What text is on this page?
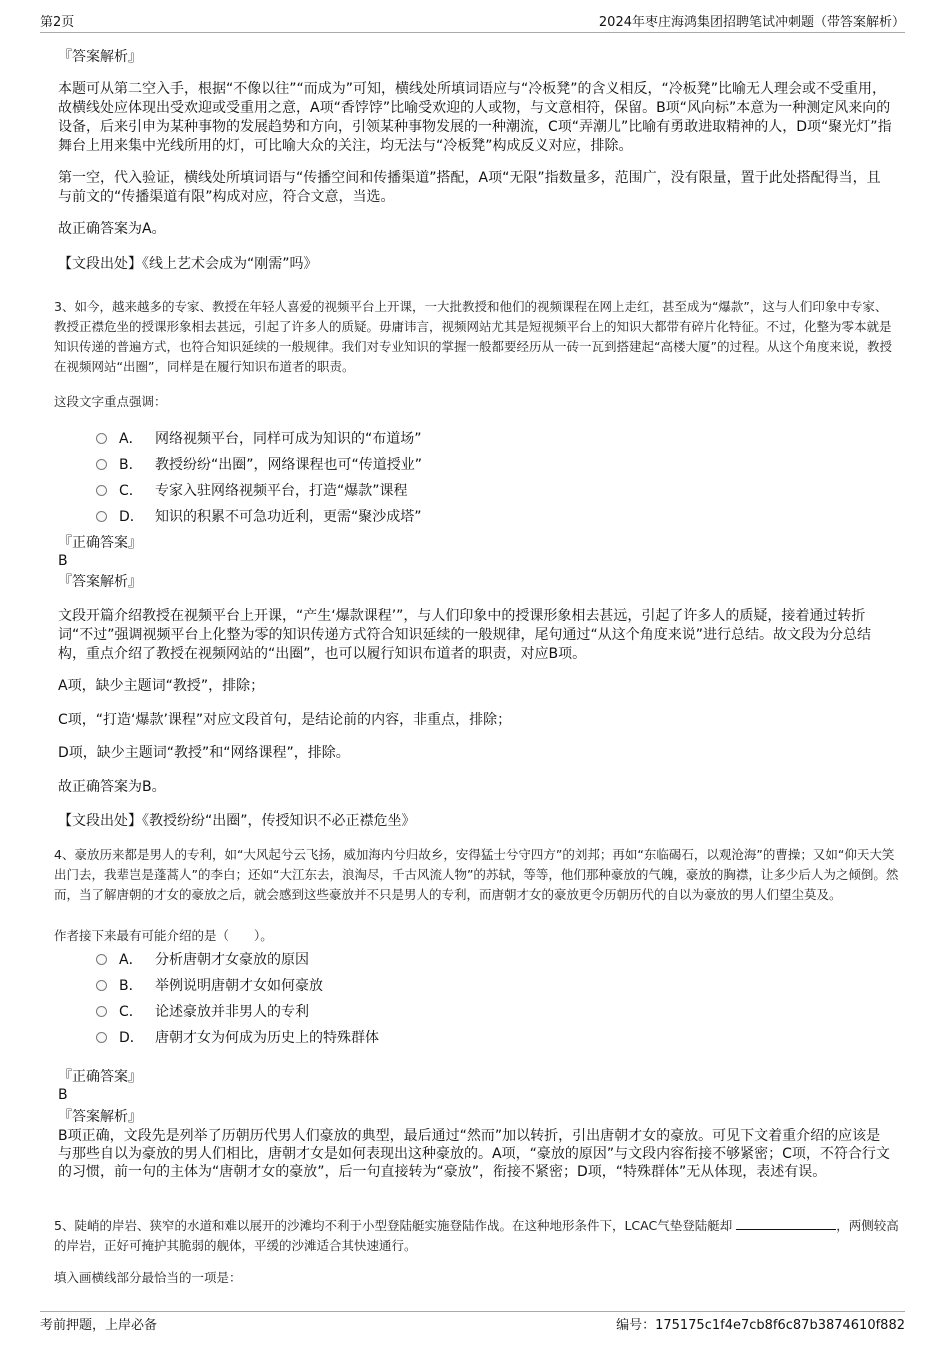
第2页	2024年枣庄海鸿集团招聘笔试冲刺题（带答案解析）
『答案解析』
本题可从第二空入手，根据“不像以往”“而成为”可知，横线处所填词语应与“冷板凳”的含义相反，“冷板凳”比喻无人理会或不受重用，故横线处应体现出受欢迎或受重用之意，A项“香饽饽”比喻受欢迎的人或物，与文意相符，保留。B项“风向标”本意为一种测定风来向的设备，后来引申为某种事物的发展趋势和方向，引领某种事物发展的一种潮流，C项“弄潮儿”比喻有勇敢进取精神的人，D项“聚光灯”指舞台上用来集中光线所用的灯，可比喻大众的关注，均无法与“冷板凳”构成反义对应，排除。
第一空，代入验证，横线处所填词语与“传播空间和传播渠道”搭配，A项“无限”指数量多，范围广，没有限量，置于此处搭配得当，且与前文的“传播渠道有限”构成对应，符合文意，当选。
故正确答案为A。
【文段出处】《线上艺术会成为“刚需”吗》
3、如今，越来越多的专家、教授在年轻人喜爱的视频平台上开课，一大批教授和他们的视频课程在网上走红，甚至成为“爆款”，这与人们印象中专家、教授正襟危坐的授课形象相去甚远，引起了许多人的质疑。毋庸讳言，视频网站尤其是短视频平台上的知识大都带有碎片化特征。不过，化整为零本就是知识传递的普遍方式，也符合知识延续的一般规律。我们对专业知识的掌握一般都要经历从一砖一瓦到搭建起“高楼大厦”的过程。从这个角度来说，教授在视频网站“出圈”，同样是在履行知识布道者的职责。
这段文字重点强调：
A． 网络视频平台，同样可成为知识的“布道场”
B． 教授纷纷“出圈”，网络课程也可“传道授业”
C． 专家入驻网络视频平台，打造“爆款”课程
D． 知识的积累不可急功近利，更需“聚沙成塔”
『正确答案』
B
『答案解析』
文段开篇介绍教授在视频平台上开课，“产生‘爆款课程’”，与人们印象中的授课形象相去甚远，引起了许多人的质疑，接着通过转折词“不过”强调视频平台上化整为零的知识传递方式符合知识延续的一般规律，尾句通过“从这个角度来说”进行总结。故文段为分总结构，重点介绍了教授在视频网站的“出圈”，也可以履行知识布道者的职责，对应B项。
A项，缺少主题词“教授”，排除；
C项，“打造‘爆款’课程”对应文段首句，是结论前的内容，非重点，排除；
D项，缺少主题词“教授”和“网络课程”，排除。
故正确答案为B。
【文段出处】《教授纷纷“出圈”，传授知识不必正襟危坐》
4、豪放历来都是男人的专利，如“大风起兮云飞扬，威加海内兮归故乡，安得猛士兮守四方”的刘邦；再如“东临碣石，以观沧海”的曹操；又如“仰天大笑出门去，我辈岂是蓬蒿人”的李白；还如“大江东去，浪淘尽，千古风流人物”的苏轼，等等，他们那种豪放的气魄，豪放的胸襟，让多少后人为之倾倒。然而，当了解唐朝的才女的豪放之后，就会感到这些豪放并不只是男人的专利，而唐朝才女的豪放更令历朝历代的自以为豪放的男人们望尘莫及。
作者接下来最有可能介绍的是（　　）。
A． 分析唐朝才女豪放的原因
B． 举例说明唐朝才女如何豪放
C． 论述豪放并非男人的专利
D． 唐朝才女为何成为历史上的特殊群体
『正确答案』
B
『答案解析』
B项正确，文段先是列举了历朝历代男人们豪放的典型，最后通过“然而”加以转折，引出唐朝才女的豪放。可见下文着重介绍的应该是与那些自以为豪放的男人们相比，唐朝才女是如何表现出这种豪放的。A项，“豪放的原因”与文段内容衔接不够紧密；C项，不符合行文的习惯，前一句的主体为“唐朝才女的豪放”，后一句直接转为“豪放”，衔接不紧密；D项，“特殊群体”无从体现，表述有误。
5、陡峭的岸岩、狭窄的水道和难以展开的沙滩均不利于小型登陆艇实施登陆作战。在这种地形条件下，LCAC气垫登陆艇却	，两侧较高的岸岩，正好可掩护其脆弱的舰体，平缓的沙滩适合其快速通行。
填入画横线部分最恰当的一项是：
考前押题，上岸必备	编号：175175c1f4e7cb8f6c87b3874610f882
